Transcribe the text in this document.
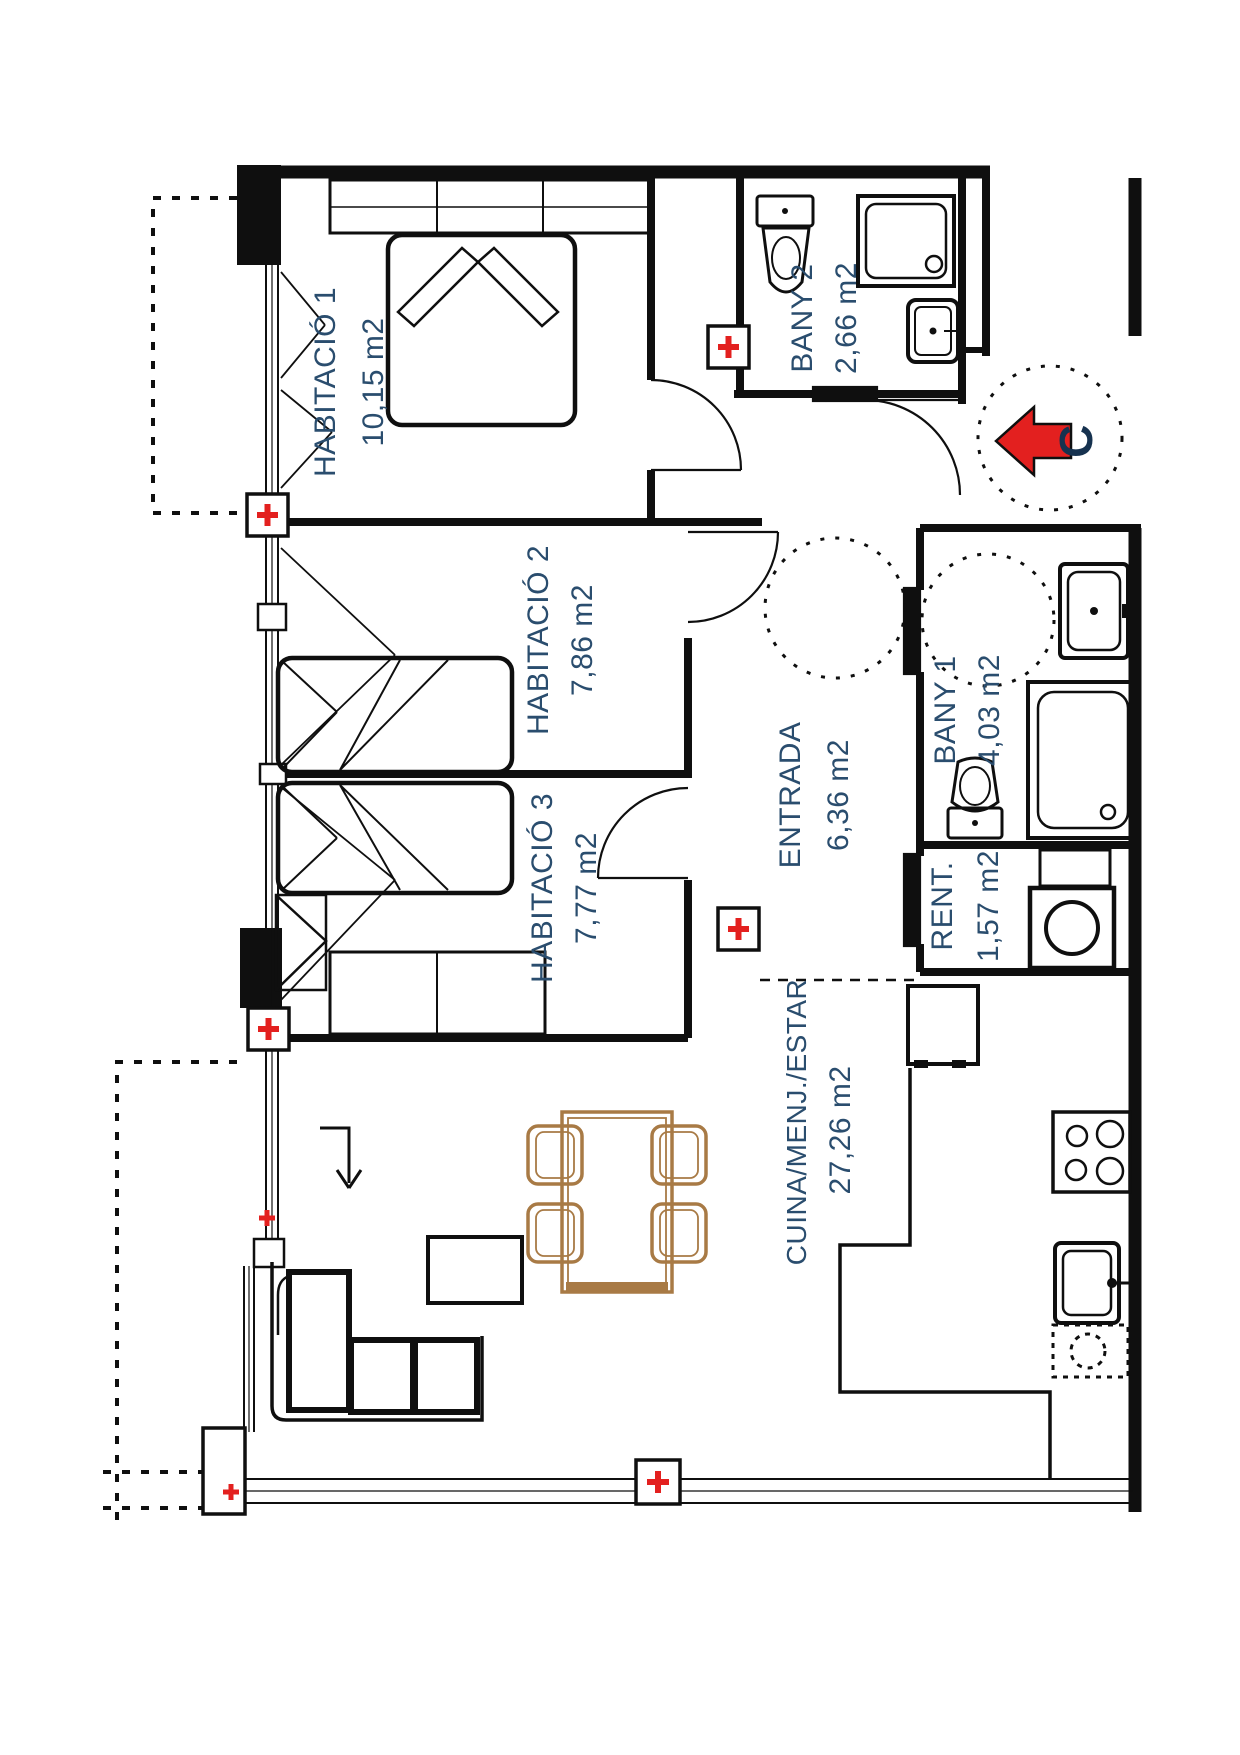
HABITACIÓ 1 10,15 m2
HABITACIÓ 2 7,86 m2
HABITACIÓ 3 7,77 m2
ENTRADA 6,36 m2
BANY 2 2,66 m2
BANY 1 4,03 m2
RENT. 1,57 m2
CUINA/MENJ./ESTAR 27,26 m2
C
